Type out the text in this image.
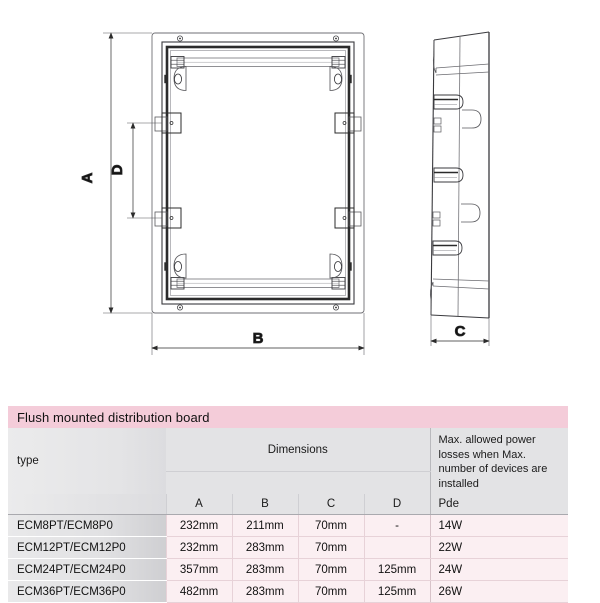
A
D
B	C
Flush mounted distribution board					
type	Dimensions				Max. allowed power losses when Max. number of devices are installed

	A	B	C	D	Pde
ECM8PT/ECM8P0	232mm	211mm	70mm	-	14W
ECM12PT/ECM12P0	232mm	283mm	70mm		22W
ECM24PT/ECM24P0	357mm	283mm	70mm	125mm	24W
ECM36PT/ECM36P0	482mm	283mm	70mm	125mm	26W
